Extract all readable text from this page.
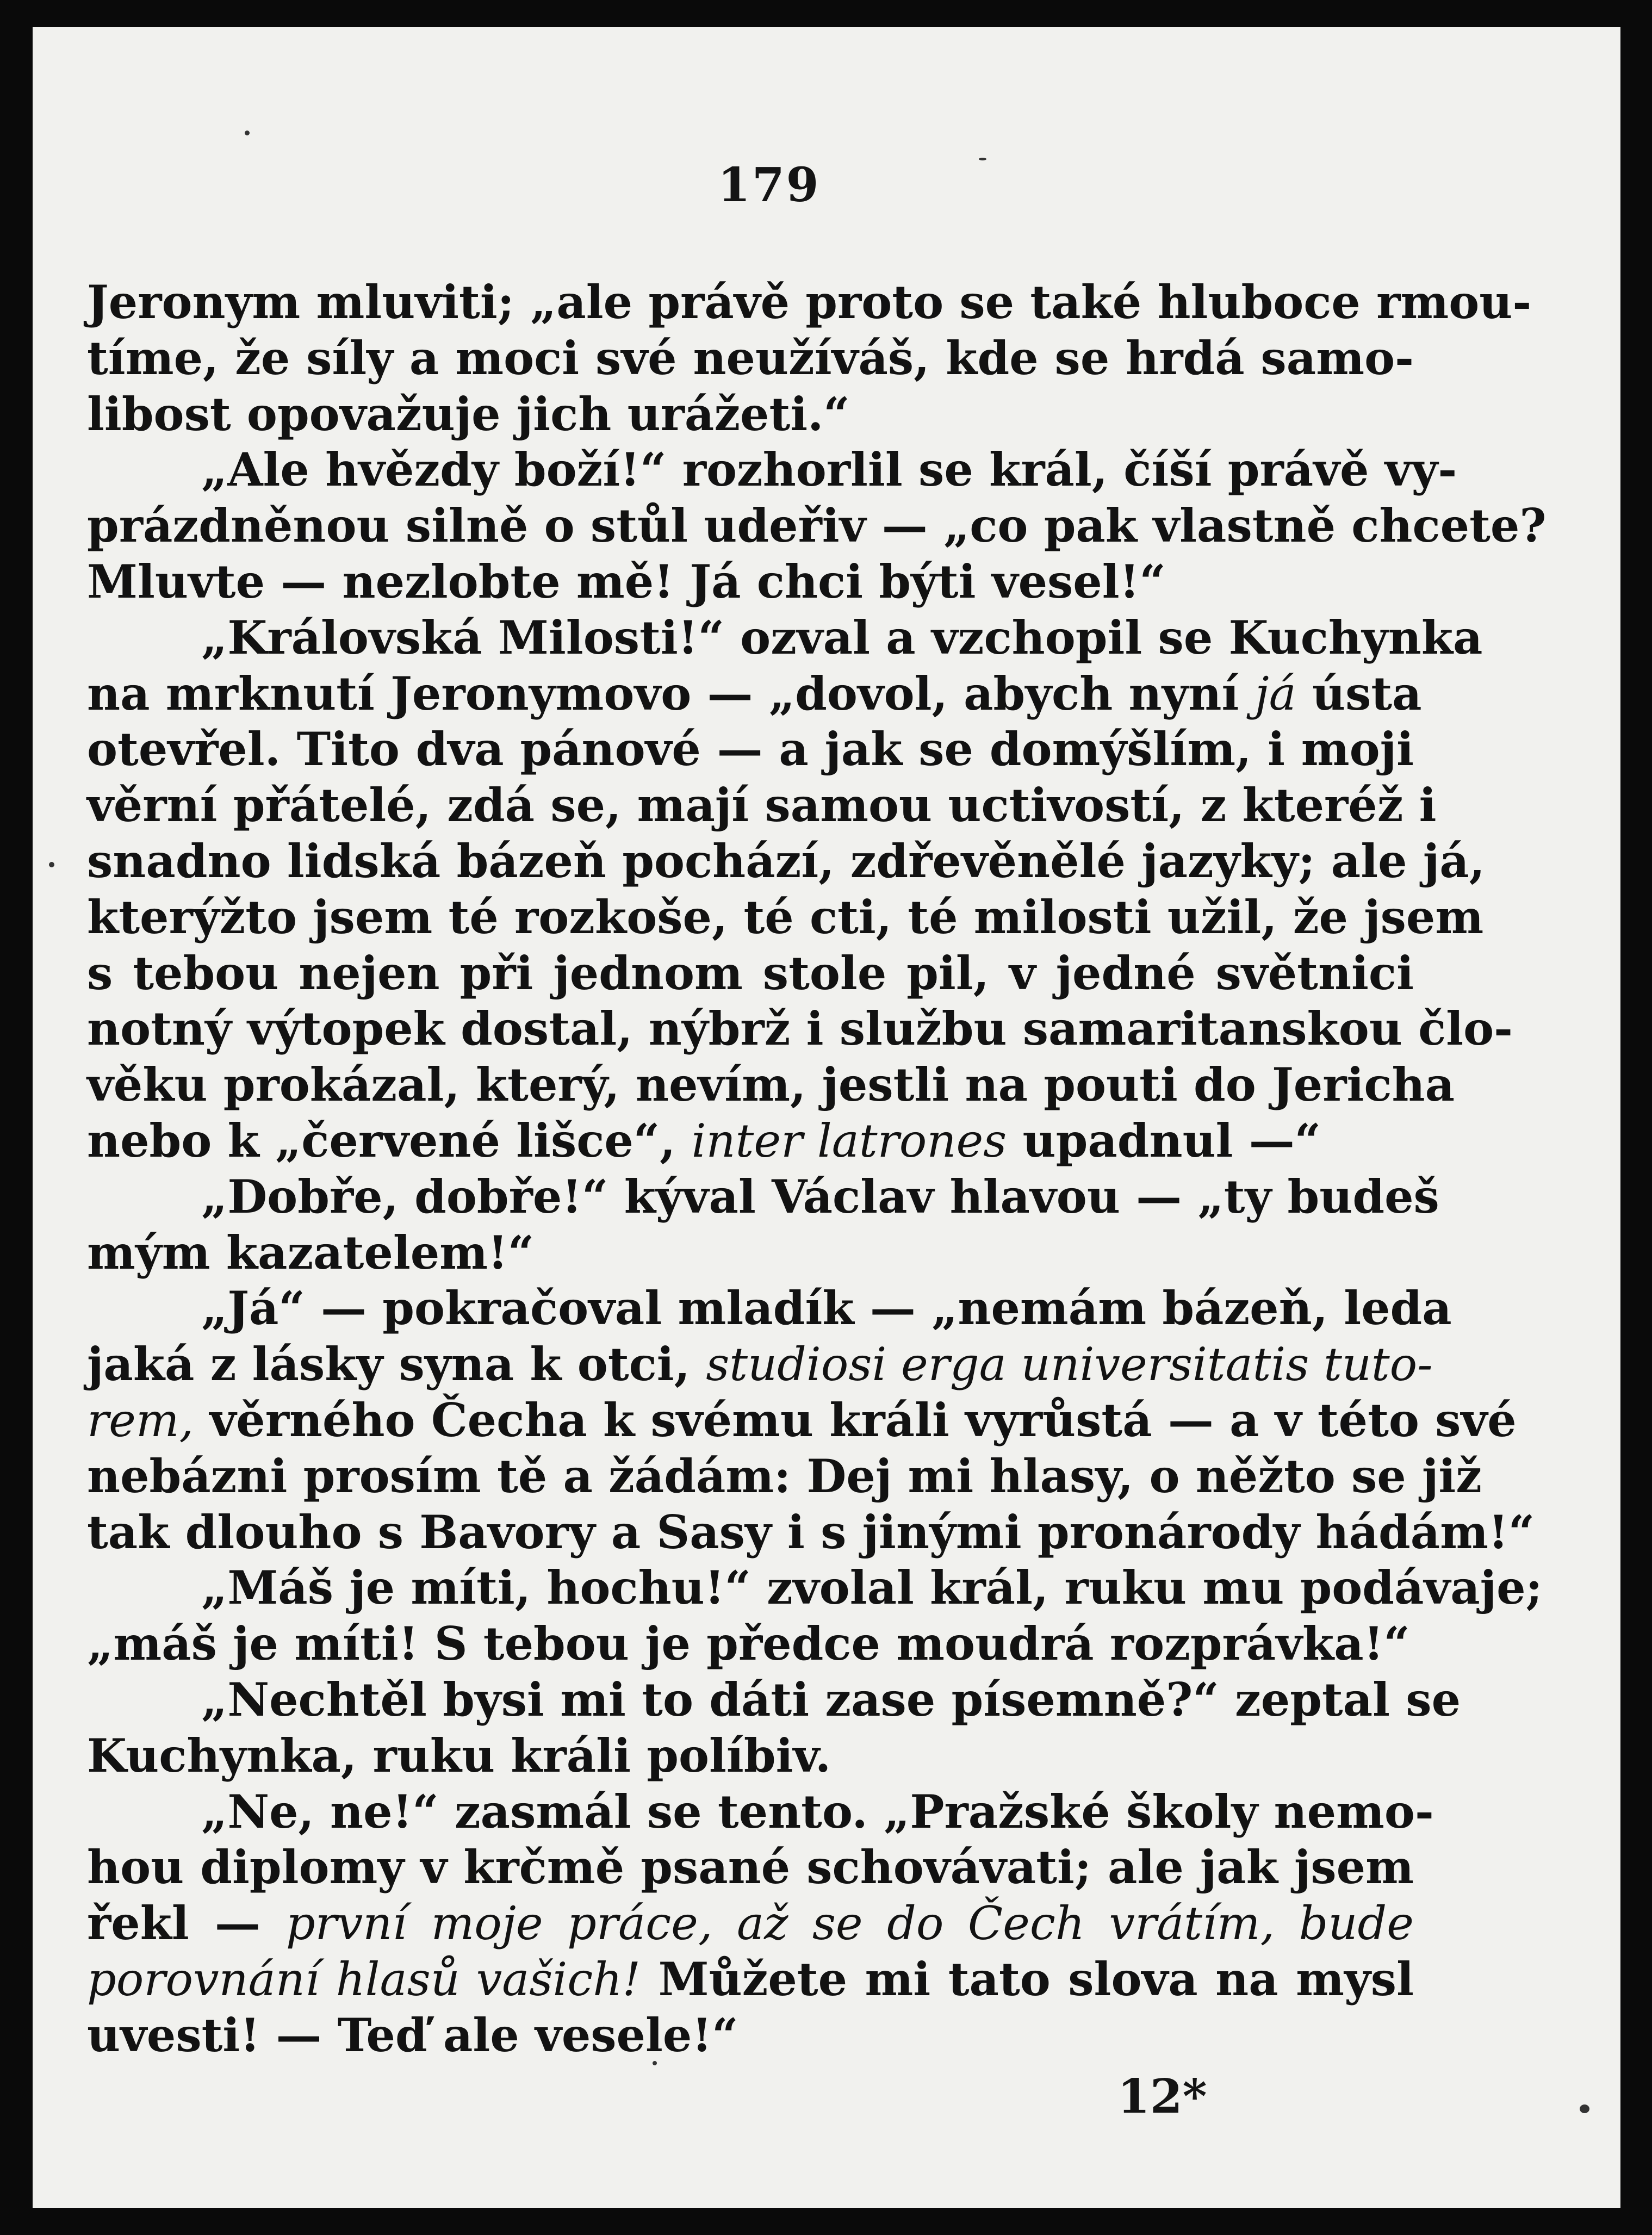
179
Jeronym mluviti; „ale právě proto se také hluboce rmou-
tíme, že síly a moci své neužíváš, kde se hrdá samo-
libost opovažuje jich urážeti.“
„Ale hvězdy boží!“ rozhorlil se král, číší právě vy-
prázdněnou silně o stůl udeřiv — „co pak vlastně chcete?
Mluvte — nezlobte mě! Já chci býti vesel!“
„Královská Milosti!“ ozval a vzchopil se Kuchynka
na mrknutí Jeronymovo — „dovol, abych nyní já ústa
otevřel. Tito dva pánové — a jak se domýšlím, i moji
věrní přátelé, zdá se, mají samou uctivostí, z kteréž i
snadno lidská bázeň pochází, zdřevěnělé jazyky; ale já,
kterýžto jsem té rozkoše, té cti, té milosti užil, že jsem
s tebou nejen při jednom stole pil, v jedné světnici
notný výtopek dostal, nýbrž i službu samaritanskou člo-
věku prokázal, který, nevím, jestli na pouti do Jericha
nebo k „červené lišce“, inter latrones upadnul —“
„Dobře, dobře!“ kýval Václav hlavou — „ty budeš
mým kazatelem!“
„Já“ — pokračoval mladík — „nemám bázeň, leda
jaká z lásky syna k otci, studiosi erga universitatis tuto-
rem, věrného Čecha k svému králi vyrůstá — a v této své
nebázni prosím tě a žádám: Dej mi hlasy, o něžto se již
tak dlouho s Bavory a Sasy i s jinými pronárody hádám!“
„Máš je míti, hochu!“ zvolal král, ruku mu podávaje;
„máš je míti! S tebou je předce moudrá rozprávka!“
„Nechtěl bysi mi to dáti zase písemně?“ zeptal se
Kuchynka, ruku králi políbiv.
„Ne, ne!“ zasmál se tento. „Pražské školy nemo-
hou diplomy v krčmě psané schovávati; ale jak jsem
řekl — první moje práce, až se do Čech vrátím, bude
porovnání hlasů vašich! Můžete mi tato slova na mysl
uvesti! — Teď ale vesele!“
12*
